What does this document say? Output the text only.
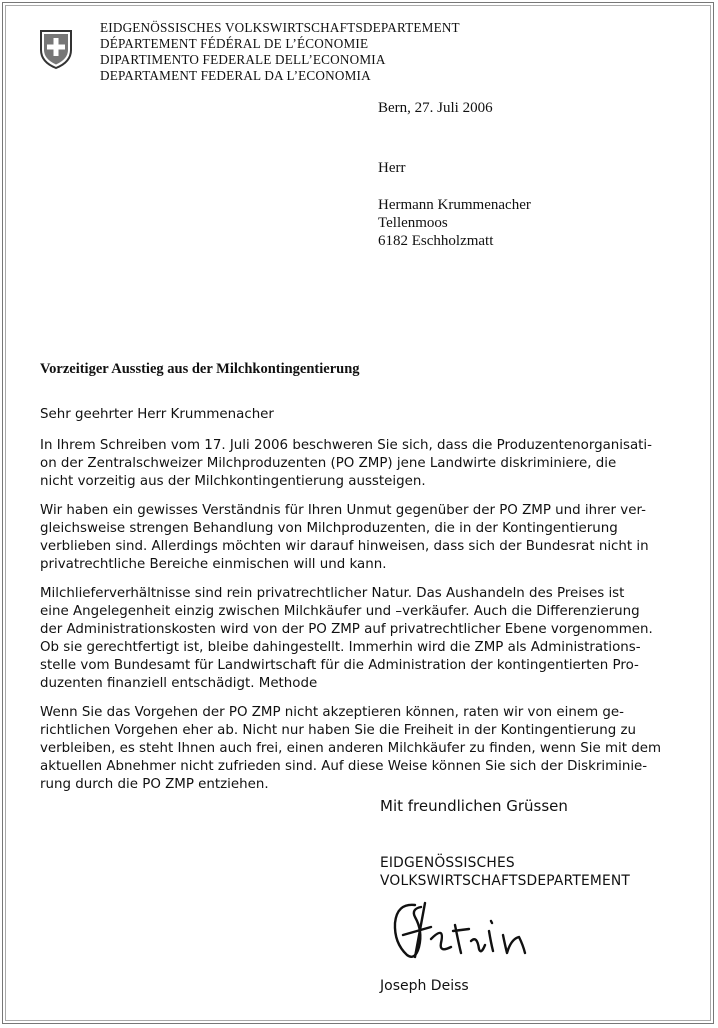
EIDGENÖSSISCHES VOLKSWIRTSCHAFTSDEPARTEMENT
DÉPARTEMENT FÉDÉRAL DE L’ÉCONOMIE
DIPARTIMENTO FEDERALE DELL’ECONOMIA
DEPARTAMENT FEDERAL DA L’ECONOMIA
Bern, 27. Juli 2006
Herr
Hermann Krummenacher
Tellenmoos
6182 Eschholzmatt
Vorzeitiger Ausstieg aus der Milchkontingentierung

Sehr geehrter Herr Krummenacher

In Ihrem Schreiben vom 17. Juli 2006 beschweren Sie sich, dass die Produzentenorganisati-
on der Zentralschweizer Milchproduzenten (PO ZMP) jene Landwirte diskriminiere, die
nicht vorzeitig aus der Milchkontingentierung aussteigen.

Wir haben ein gewisses Verständnis für Ihren Unmut gegenüber der PO ZMP und ihrer ver-
gleichsweise strengen Behandlung von Milchproduzenten, die in der Kontingentierung
verblieben sind. Allerdings möchten wir darauf hinweisen, dass sich der Bundesrat nicht in
privatrechtliche Bereiche einmischen will und kann.

Milchlieferverhältnisse sind rein privatrechtlicher Natur. Das Aushandeln des Preises ist
eine Angelegenheit einzig zwischen Milchkäufer und –verkäufer. Auch die Differenzierung
der Administrationskosten wird von der PO ZMP auf privatrechtlicher Ebene vorgenommen.
Ob sie gerechtfertigt ist, bleibe dahingestellt. Immerhin wird die ZMP als Administrations-
stelle vom Bundesamt für Landwirtschaft für die Administration der kontingentierten Pro-
duzenten finanziell entschädigt. Methode

Wenn Sie das Vorgehen der PO ZMP nicht akzeptieren können, raten wir von einem ge-
richtlichen Vorgehen eher ab. Nicht nur haben Sie die Freiheit in der Kontingentierung zu
verbleiben, es steht Ihnen auch frei, einen anderen Milchkäufer zu finden, wenn Sie mit dem
aktuellen Abnehmer nicht zufrieden sind. Auf diese Weise können Sie sich der Diskriminie-
rung durch die PO ZMP entziehen.

Mit freundlichen Grüssen
EIDGENÖSSISCHES
VOLKSWIRTSCHAFTSDEPARTEMENT
Joseph Deiss
